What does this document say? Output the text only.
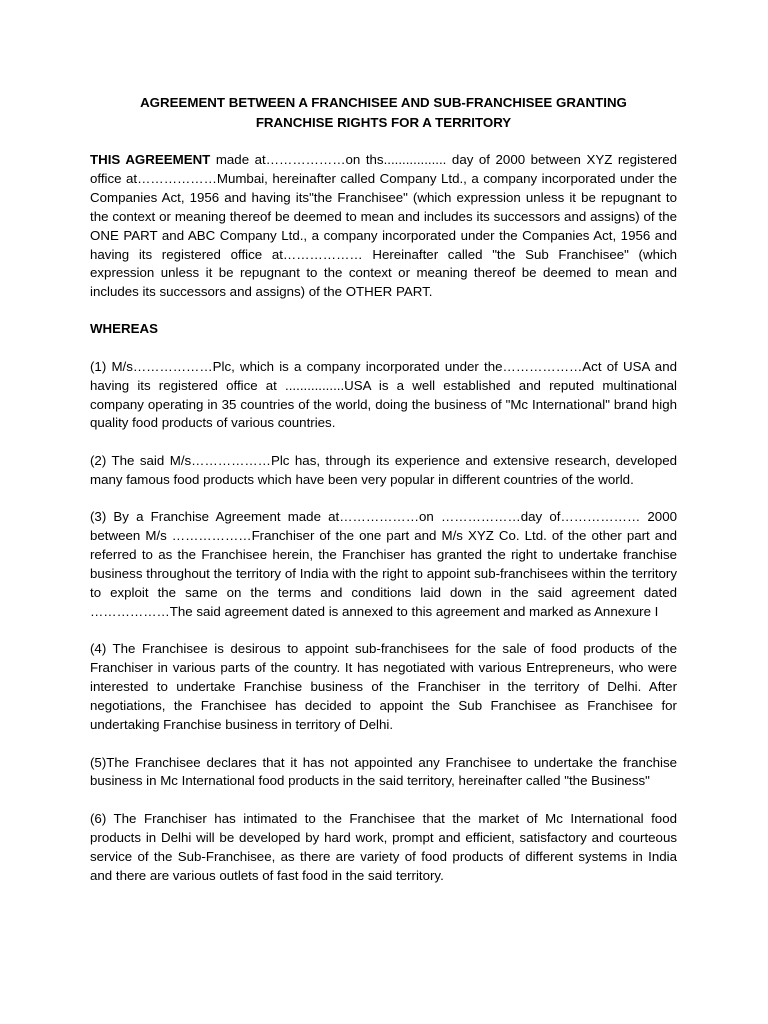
AGREEMENT BETWEEN A FRANCHISEE AND SUB-FRANCHISEE GRANTING
FRANCHISE RIGHTS FOR A TERRITORY

THIS AGREEMENT made at………………on ths................. day of 2000 between XYZ registered office at………………Mumbai, hereinafter called Company Ltd., a company incorporated under the Companies Act, 1956 and having its"the Franchisee" (which expression unless it be repugnant to the context or meaning thereof be deemed to mean and includes its successors and assigns) of the ONE PART and ABC Company Ltd., a company incorporated under the Companies Act, 1956 and having its registered office at……………… Hereinafter called "the Sub Franchisee" (which expression unless it be repugnant to the context or meaning thereof be deemed to mean and includes its successors and assigns) of the OTHER PART.

WHEREAS

(1) M/s………………Plc, which is a company incorporated under the………………Act of USA and having its registered office at ................USA is a well established and reputed multinational company operating in 35 countries of the world, doing the business of "Mc International" brand high quality food products of various countries.

(2) The said M/s………………Plc has, through its experience and extensive research, developed many famous food products which have been very popular in different countries of the world.

(3) By a Franchise Agreement made at………………on ………………day of……………… 2000 between M/s ………………Franchiser of the one part and M/s XYZ Co. Ltd. of the other part and referred to as the Franchisee herein, the Franchiser has granted the right to undertake franchise business throughout the territory of India with the right to appoint sub-franchisees within the territory to exploit the same on the terms and conditions laid down in the said agreement dated ………………The said agreement dated is annexed to this agreement and marked as Annexure I

(4) The Franchisee is desirous to appoint sub-franchisees for the sale of food products of the Franchiser in various parts of the country. It has negotiated with various Entrepreneurs, who were interested to undertake Franchise business of the Franchiser in the territory of Delhi. After negotiations, the Franchisee has decided to appoint the Sub Franchisee as Franchisee for undertaking Franchise business in territory of Delhi.

(5)The Franchisee declares that it has not appointed any Franchisee to undertake the franchise business in Mc International food products in the said territory, hereinafter called "the Business"

(6) The Franchiser has intimated to the Franchisee that the market of Mc International food products in Delhi will be developed by hard work, prompt and efficient, satisfactory and courteous service of the Sub-Franchisee, as there are variety of food products of different systems in India and there are various outlets of fast food in the said territory.
